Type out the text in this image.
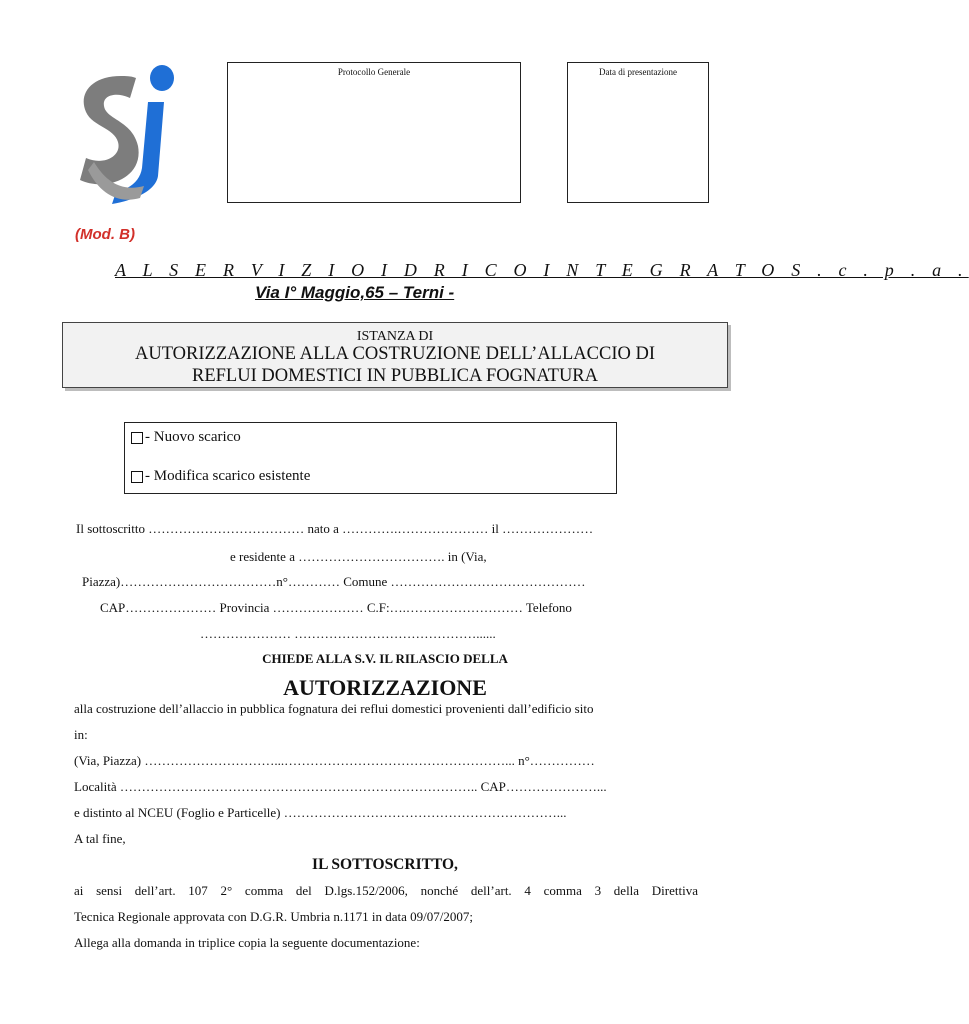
Protocollo Generale	Data di presentazione
(Mod. B)
A L S E R V I Z I O I D R I C O I N T E G R A T O S . c . p . a .
Via I° Maggio,65 – Terni -
ISTANZA DI
AUTORIZZAZIONE ALLA COSTRUZIONE DELL’ALLACCIO DI
REFLUI DOMESTICI IN PUBBLICA FOGNATURA
- Nuovo scarico
- Modifica scarico esistente
Il sottoscritto ……………………………… nato a ………….………………… il …………………
e residente a ……………………………. in (Via,
Piazza)………………………………n°………… Comune ………………………………………
CAP………………… Provincia ………………… C.F:….……………………… Telefono
………………… ……………………………………......
CHIEDE ALLA S.V. IL RILASCIO DELLA
AUTORIZZAZIONE
alla costruzione dell’allaccio in pubblica fognatura dei reflui domestici provenienti dall’edificio sito
in:
(Via, Piazza) …………………………...……………………………………………... n°……………
Località ……………………………………………………………………….. CAP…………………...
e distinto al NCEU (Foglio e Particelle) ………………………………………………………...
A tal fine,
IL SOTTOSCRITTO,
ai sensi dell’art. 107 2° comma del D.lgs.152/2006, nonché dell’art. 4 comma 3 della Direttiva
Tecnica Regionale approvata con D.G.R. Umbria n.1171 in data 09/07/2007;
Allega alla domanda in triplice copia la seguente documentazione:
